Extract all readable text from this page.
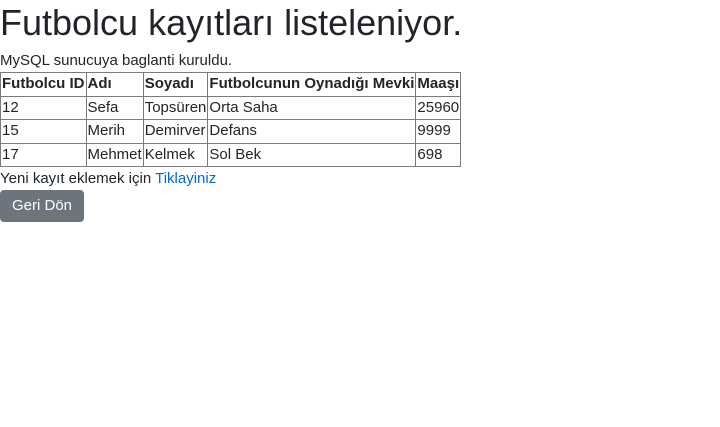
Futbolcu kayıtları listeleniyor.

MySQL sunucuya baglanti kuruldu.

Futbolcu ID	Adı	Soyadı	Futbolcunun Oynadığı Mevki	Maaşı
12	Sefa	Topsüren	Orta Saha	25960
15	Merih	Demirver	Defans	9999
17	Mehmet	Kelmek	Sol Bek	698

Yeni kayıt eklemek için Tiklayiniz

Geri Dön
